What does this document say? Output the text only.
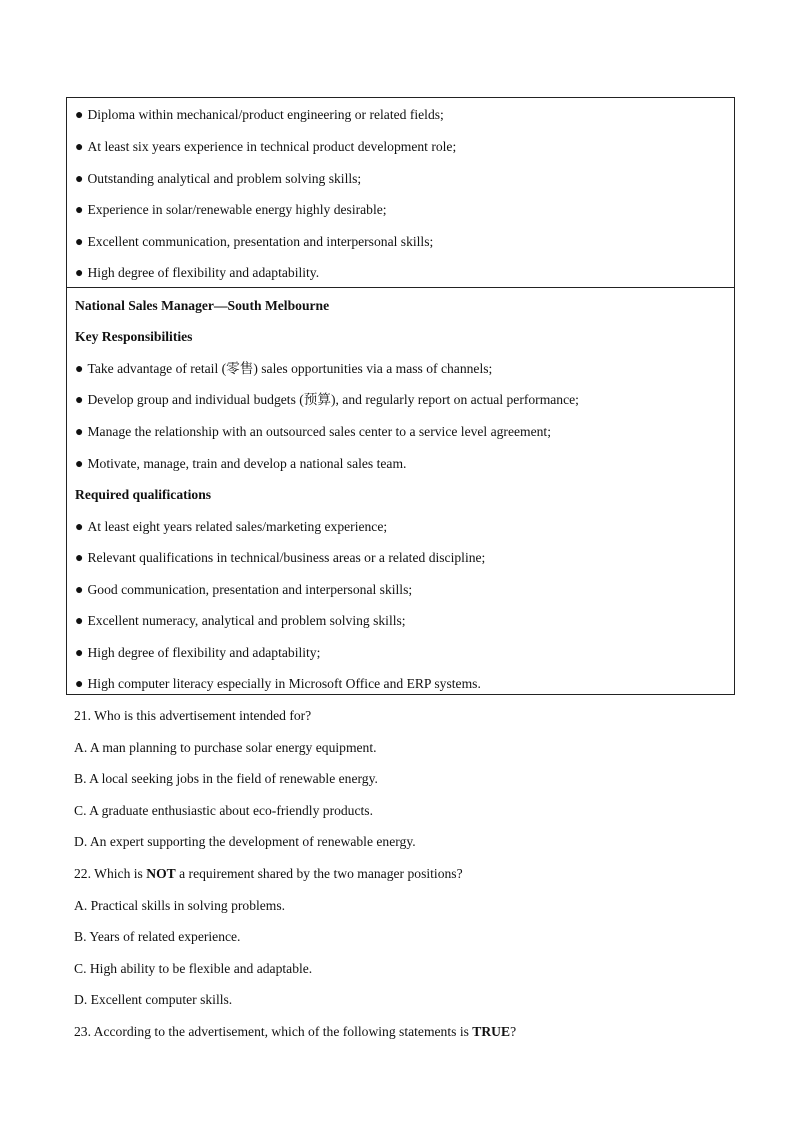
● Diploma within mechanical/product engineering or related fields;
● At least six years experience in technical product development role;
● Outstanding analytical and problem solving skills;
● Experience in solar/renewable energy highly desirable;
● Excellent communication, presentation and interpersonal skills;
● High degree of flexibility and adaptability.
National Sales Manager—South Melbourne
Key Responsibilities
● Take advantage of retail (零售) sales opportunities via a mass of channels;
● Develop group and individual budgets (预算), and regularly report on actual performance;
● Manage the relationship with an outsourced sales center to a service level agreement;
● Motivate, manage, train and develop a national sales team.
Required qualifications
● At least eight years related sales/marketing experience;
● Relevant qualifications in technical/business areas or a related discipline;
● Good communication, presentation and interpersonal skills;
● Excellent numeracy, analytical and problem solving skills;
● High degree of flexibility and adaptability;
● High computer literacy especially in Microsoft Office and ERP systems.
21. Who is this advertisement intended for?
A. A man planning to purchase solar energy equipment.
B. A local seeking jobs in the field of renewable energy.
C. A graduate enthusiastic about eco-friendly products.
D. An expert supporting the development of renewable energy.
22. Which is NOT a requirement shared by the two manager positions?
A. Practical skills in solving problems.
B. Years of related experience.
C. High ability to be flexible and adaptable.
D. Excellent computer skills.
23. According to the advertisement, which of the following statements is TRUE?
